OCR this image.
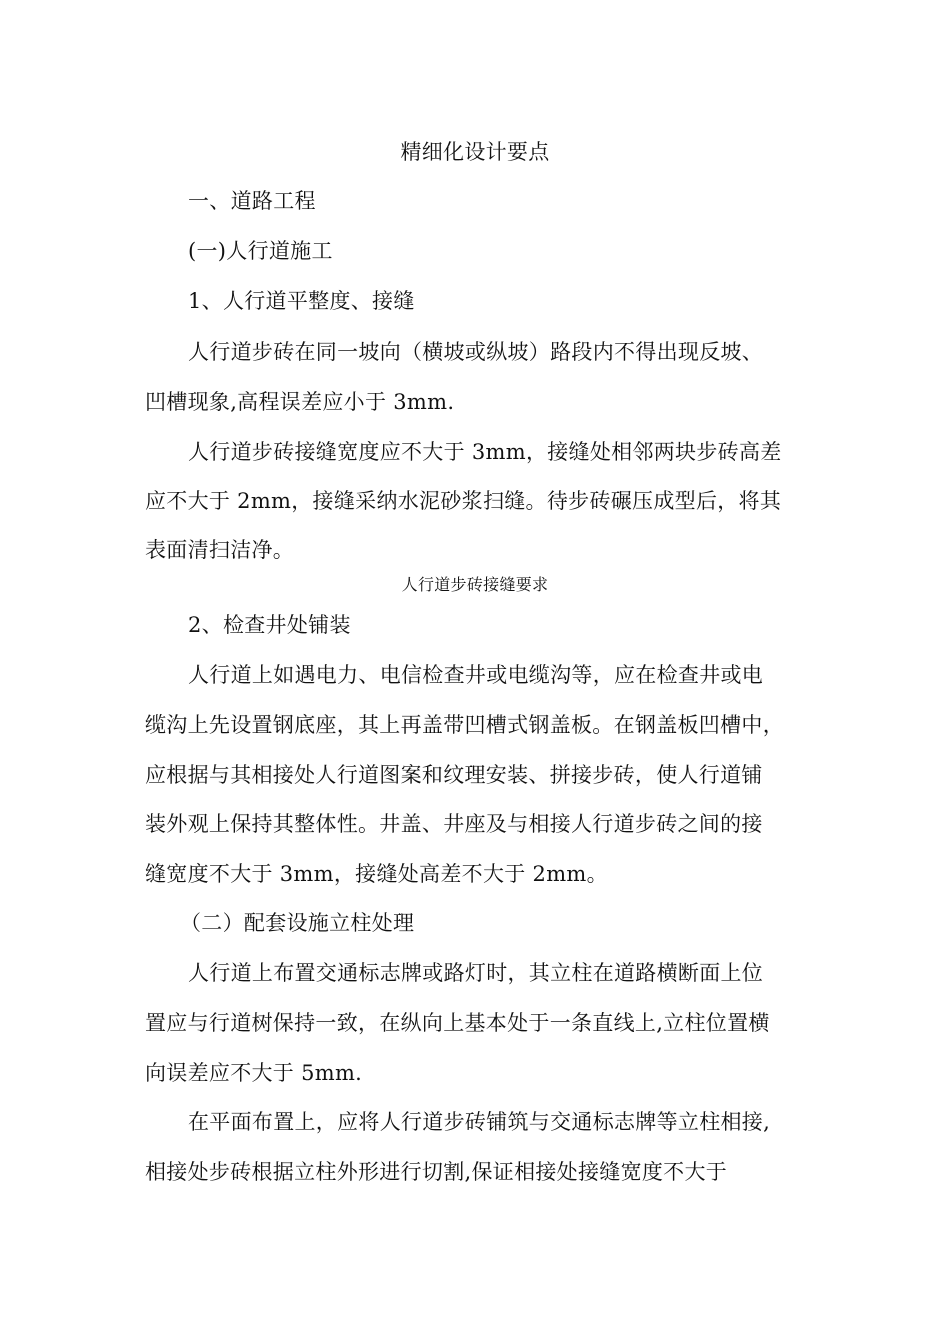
精细化设计要点
一、道路工程
(一)人行道施工
1、人行道平整度、接缝
人行道步砖在同一坡向（横坡或纵坡）路段内不得出现反坡、
凹槽现象,高程误差应小于 3mm.
人行道步砖接缝宽度应不大于 3mm，接缝处相邻两块步砖高差
应不大于 2mm，接缝采纳水泥砂浆扫缝。待步砖碾压成型后，将其
表面清扫洁净。
人行道步砖接缝要求
2、检查井处铺装
人行道上如遇电力、电信检查井或电缆沟等，应在检查井或电
缆沟上先设置钢底座，其上再盖带凹槽式钢盖板。在钢盖板凹槽中，
应根据与其相接处人行道图案和纹理安装、拼接步砖，使人行道铺
装外观上保持其整体性。井盖、井座及与相接人行道步砖之间的接
缝宽度不大于 3mm，接缝处高差不大于 2mm。
（二）配套设施立柱处理
人行道上布置交通标志牌或路灯时，其立柱在道路横断面上位
置应与行道树保持一致，在纵向上基本处于一条直线上,立柱位置横
向误差应不大于 5mm.
在平面布置上，应将人行道步砖铺筑与交通标志牌等立柱相接,
相接处步砖根据立柱外形进行切割,保证相接处接缝宽度不大于
